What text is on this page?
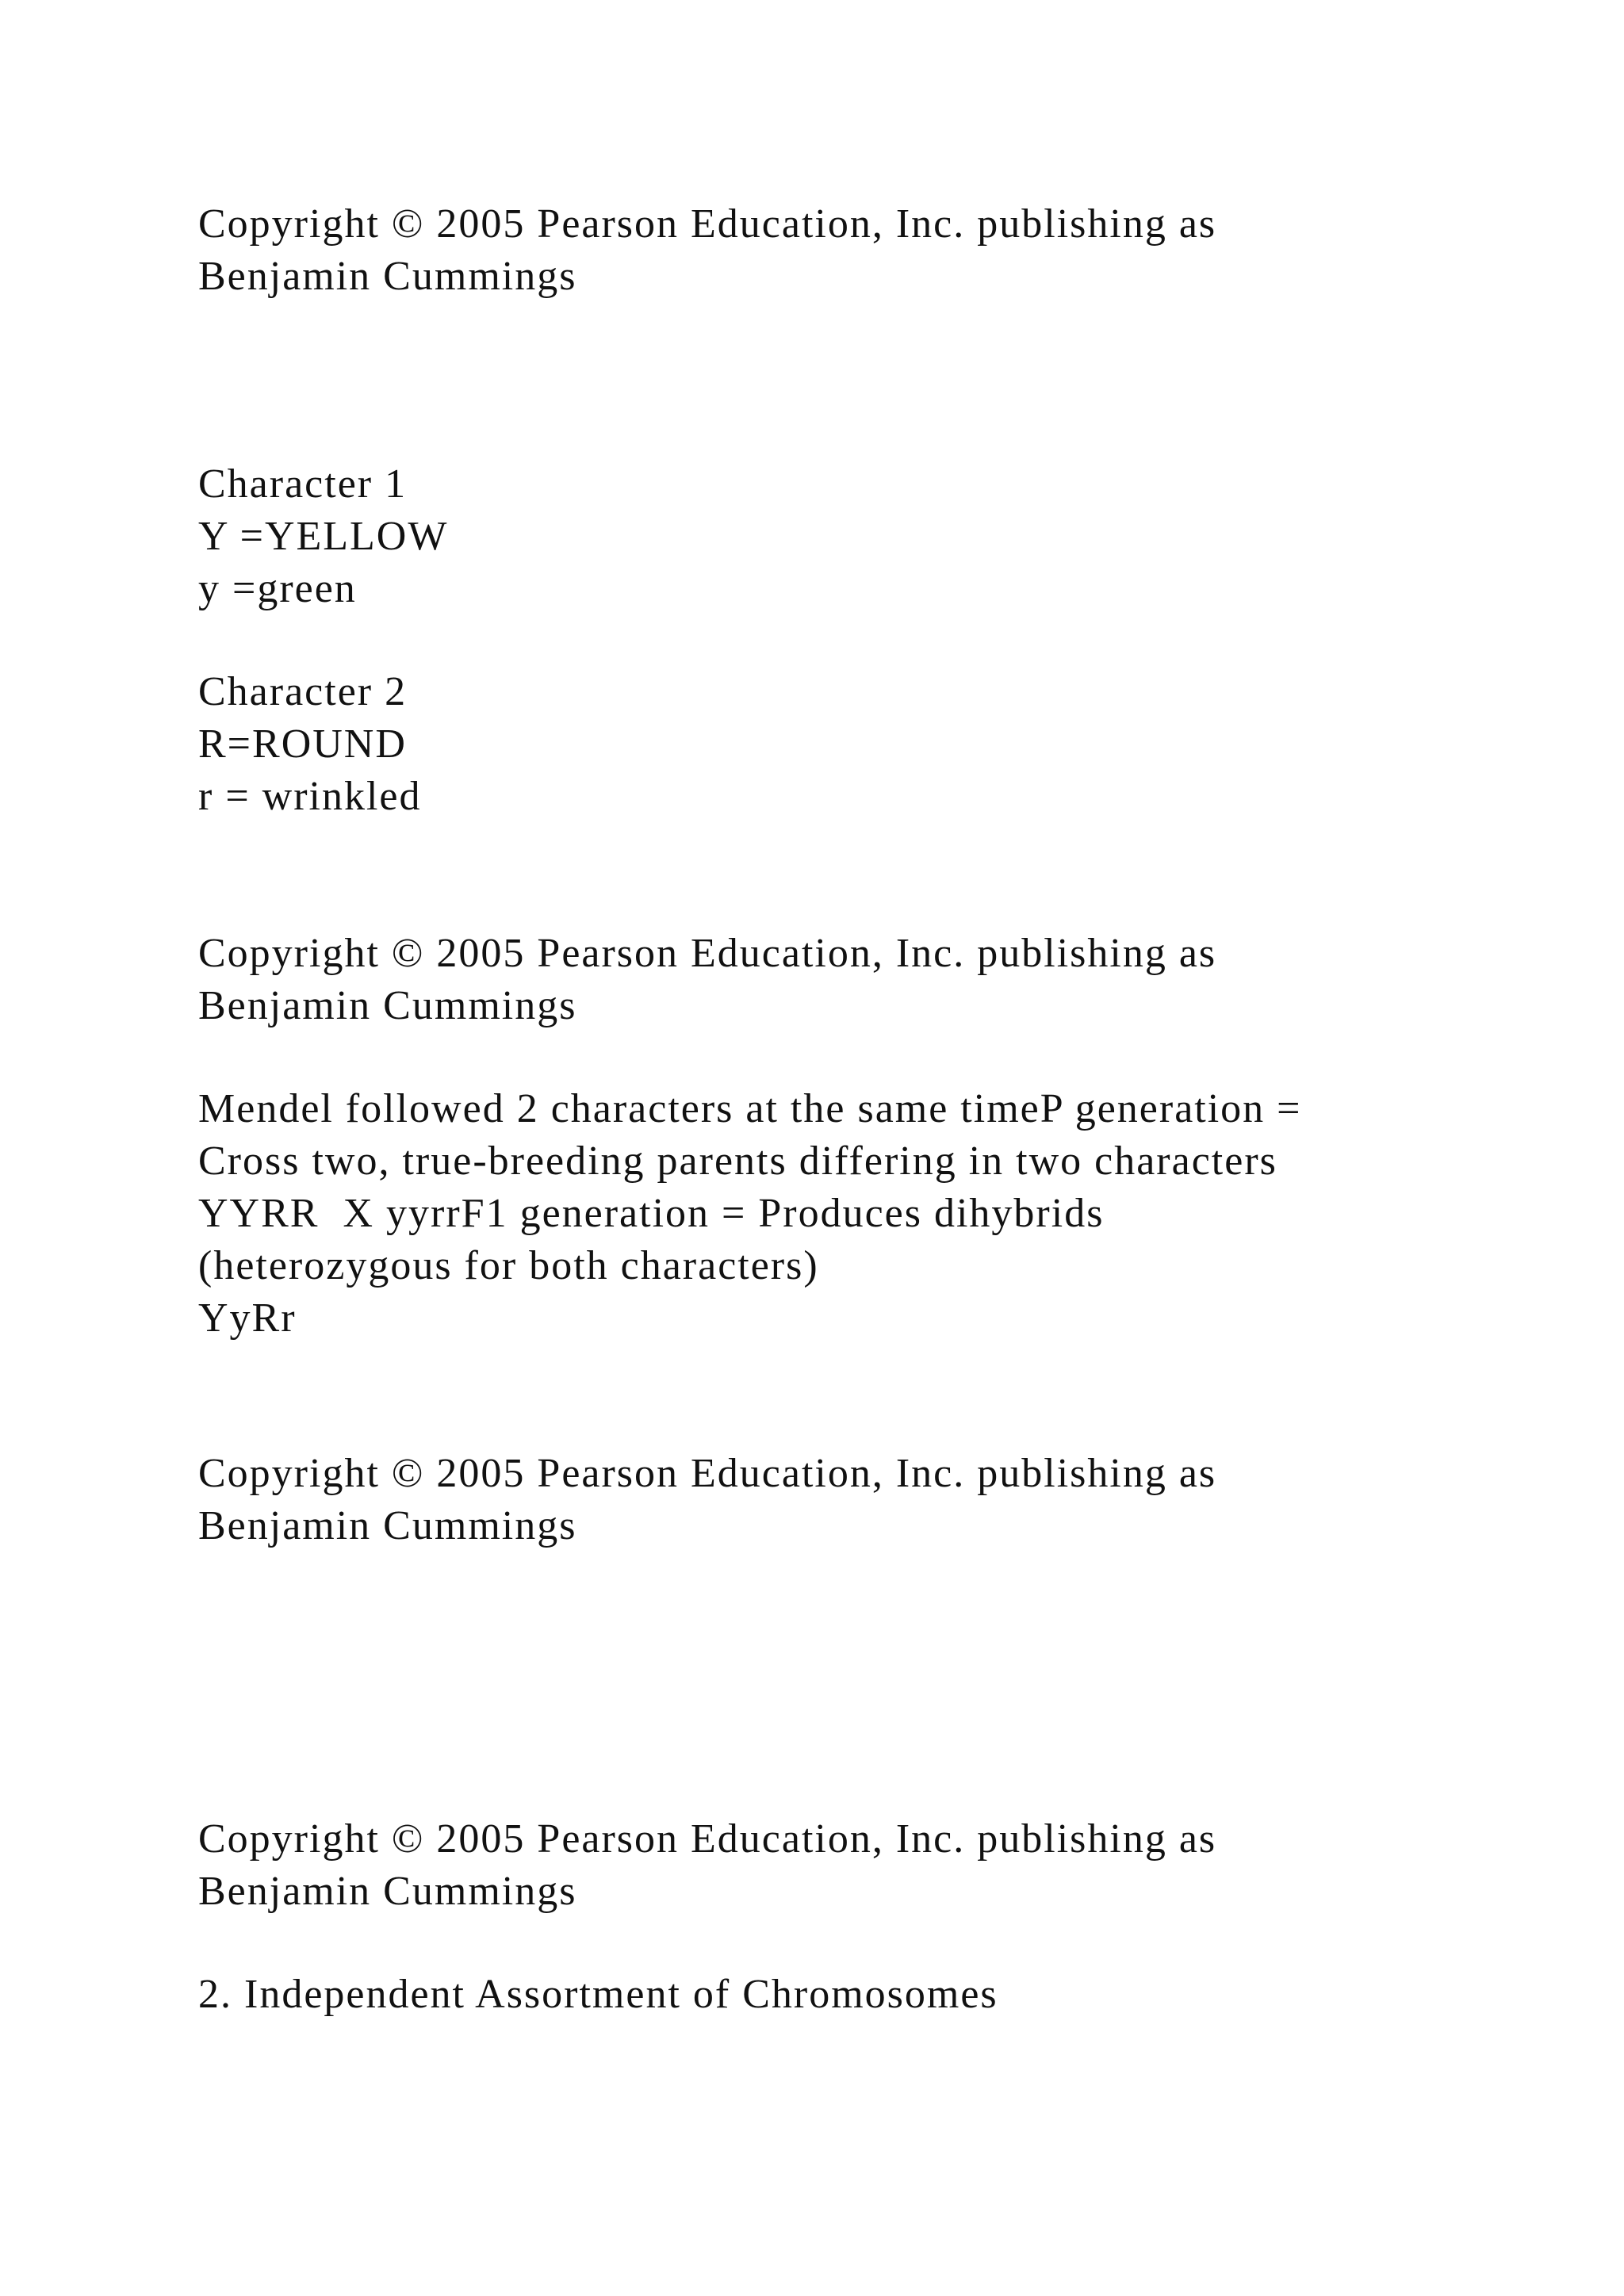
Copyright © 2005 Pearson Education, Inc. publishing as
Benjamin Cummings
Character 1
Y =YELLOW
y =green
Character 2
R=ROUND
r = wrinkled
Copyright © 2005 Pearson Education, Inc. publishing as
Benjamin Cummings
Mendel followed 2 characters at the same timeP generation =
Cross two, true-breeding parents differing in two characters
YYRR  X yyrrF1 generation = Produces dihybrids
(heterozygous for both characters)
YyRr
Copyright © 2005 Pearson Education, Inc. publishing as
Benjamin Cummings
Copyright © 2005 Pearson Education, Inc. publishing as
Benjamin Cummings
2. Independent Assortment of Chromosomes
